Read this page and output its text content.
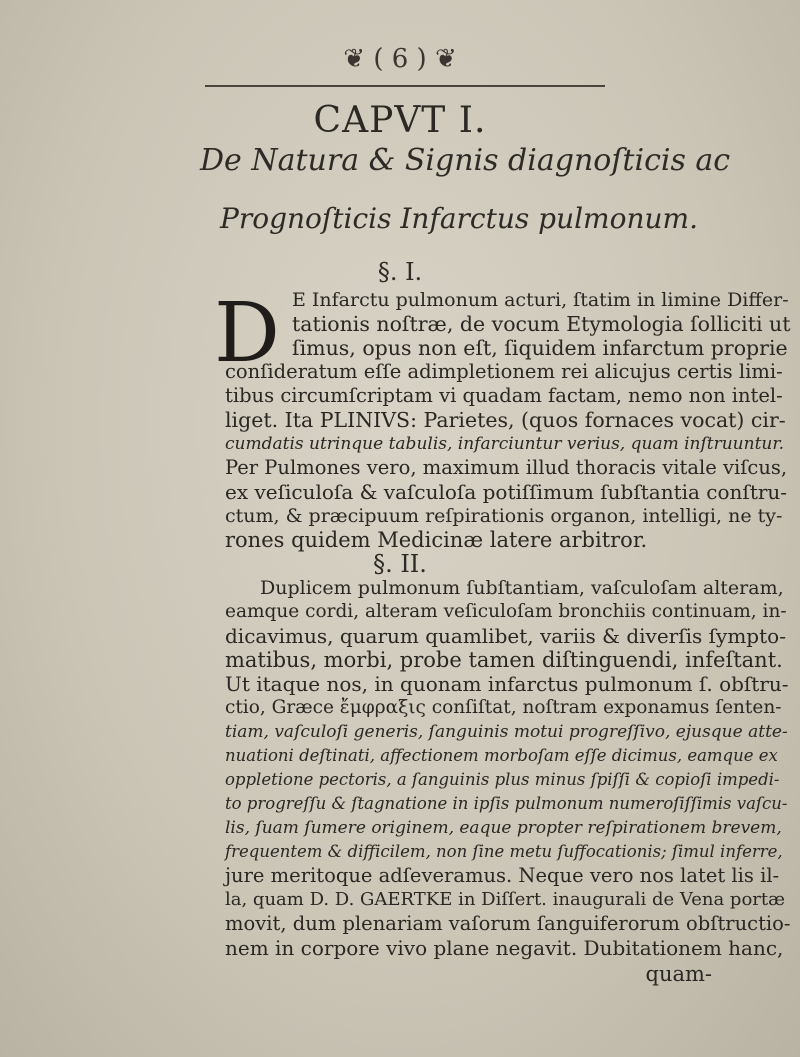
❦ ( 6 ) ❦
CAPVT I.
De Natura & Signis diagnoſticis ac
Prognoſticis Infarctus pulmonum.
§. I.
D E Infarctu pulmonum acturi, ſtatim in limine Differ-
tationis noſtræ, de vocum Etymologia ſolliciti ut
ſimus, opus non eſt, ſiquidem infarctum proprie
conſideratum eſſe adimpletionem rei alicujus certis limi-
tibus circumſcriptam vi quadam factam, nemo non intel-
liget. Ita PLINIVS: Parietes, (quos fornaces vocat) cir-
cumdatis utrinque tabulis, infarciuntur verius, quam inſtruuntur.
Per Pulmones vero, maximum illud thoracis vitale viſcus,
ex veſiculoſa & vaſculoſa potiſſimum ſubſtantia conſtru-
ctum, & præcipuum reſpirationis organon, intelligi, ne ty-
rones quidem Medicinæ latere arbitror.
§. II.
Duplicem pulmonum ſubſtantiam, vaſculoſam alteram,
eamque cordi, alteram veſiculoſam bronchiis continuam, in-
dicavimus, quarum quamlibet, variis & diverſis ſympto-
matibus, morbi, probe tamen diſtinguendi, infeſtant.
Ut itaque nos, in quonam infarctus pulmonum ſ. obſtru-
ctio, Græce ἔμφραξις conſiſtat, noſtram exponamus ſenten-
tiam, vaſculoſi generis, ſanguinis motui progreſſivo, ejusque atte-
nuationi deſtinati, affectionem morboſam eſſe dicimus, eamque ex
oppletione pectoris, a ſanguinis plus minus ſpiſſi & copioſi impedi-
to progreſſu & ſtagnatione in ipſis pulmonum numeroſiſſimis vaſcu-
lis, ſuam ſumere originem, eaque propter reſpirationem brevem,
frequentem & difficilem, non ſine metu ſuffocationis; ſimul inferre,
jure meritoque adſeveramus. Neque vero nos latet lis il-
la, quam D. D. GAERTKE in Diſſert. inaugurali de Vena portæ
movit, dum plenariam vaſorum ſanguiferorum obſtructio-
nem in corpore vivo plane negavit. Dubitationem hanc,
quam-
